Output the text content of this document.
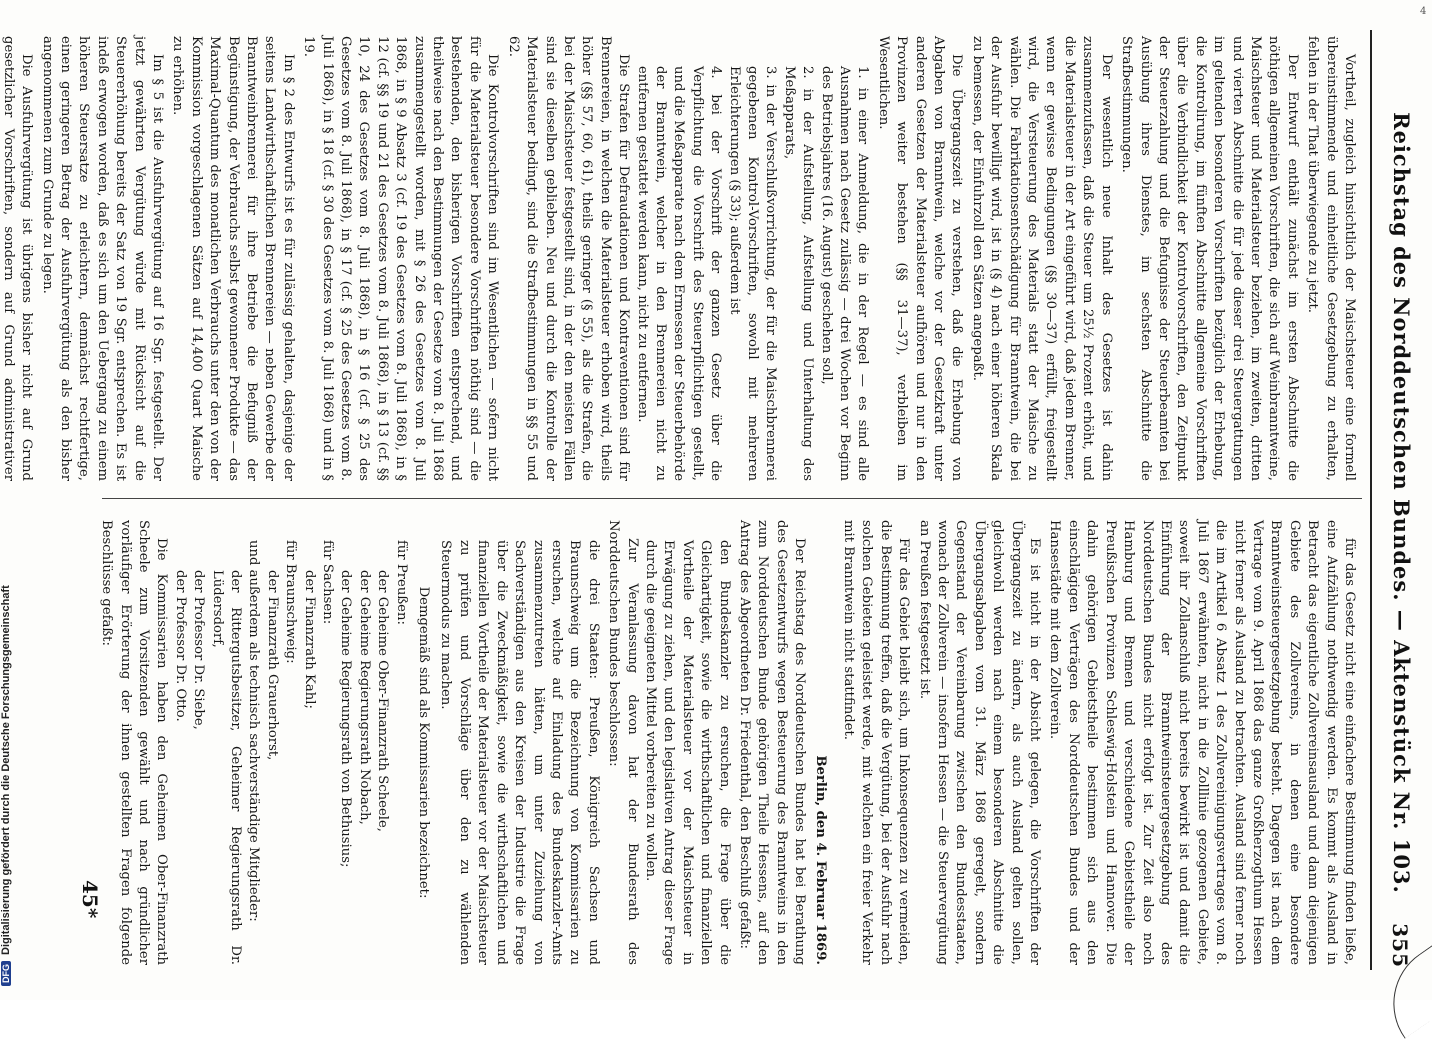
Reichstag des Norddeutschen Bundes. — Aktenstück Nr. 103.
355

Vortheil, zugleich hinsichtlich der Maischsteuer eine formell übereinstimmende und einheitliche Gesetzgebung zu erhalten, fehlen in der That überwiegende zu jetzt.

Der Entwurf enthält zunächst im ersten Abschnitte die nöthigen allgemeinen Vorschriften, die sich auf Weinbranntweine, Maischsteuer und Materialsteuer beziehen, im zweiten, dritten und vierten Abschnitte die für jede dieser drei Steuergattungen im geltenden besonderen Vorschriften bezüglich der Erhebung, die Kontrolirung, im fünften Abschnitte allgemeine Vorschriften über die Verbindlichkeit der Kontrolvorschriften, den Zeitpunkt der Steuerzahlung und die Befugnisse der Steuerbeamten bei Ausübung ihres Dienstes, im sechsten Abschnitte die Strafbestimmungen.

Der wesentlich neue Inhalt des Gesetzes ist dahin zusammenzufassen, daß die Steuer um 25½ Prozent erhöht, und die Materialsteuer in der Art eingeführt wird, daß jedem Brenner, wenn er gewisse Bedingungen (§§ 30—37) erfüllt, freigestellt wird, die Versteuerung des Materials statt der Maische zu wählen. Die Fabrikationsentschädigung für Branntwein, die bei der Ausfuhr bewilligt wird, ist in (§ 4) nach einer höheren Skala zu bemessen, der Einfuhrzoll den Sätzen angepaßt.

Die Übergangszeit zu verstehen, daß die Erhebung von Abgaben von Branntwein, welche vor der Gesetzkraft unter anderen Gesetzen der Materialsteuer aufhören und nur in den Provinzen weiter bestehen (§§ 31—37), verbleiben im Wesentlichen.

1. in einer Anmeldung, die in der Regel — es sind alle Ausnahmen nach Gesetz zulässig — drei Wochen vor Beginn des Betriebsjahres (16. August) geschehen soll,

2. in der Aufstellung, Aufstellung und Unterhaltung des Meßapparats,

3. in der Verschlußvorrichtung, der für die Maischbrennerei gegebenen Kontrol-Vorschriften, sowohl mit mehreren Erleichterungen (§ 33); außerdem ist

4. bei der Vorschrift der ganzen Gesetz über die Verpflichtung die Vorschrift des Steuerpflichtigen gestellt, und die Meßapparate nach dem Ermessen der Steuerbehörde der Branntwein, welcher in den Brennereien nicht zu entfernen gestattet werden kann, nicht zu entfernen.

Die Strafen für Defraudationen und Kontraventionen sind für Brennereien, in welchen die Materialsteuer erhoben wird, theils höher (§§ 57, 60, 61), theils geringer (§ 55), als die Strafen, die bei der Maischsteuer festgestellt sind, in der den meisten Fällen sind sie dieselben geblieben. Neu und durch die Kontrolle der Materialsteuer bedingt, sind die Strafbestimmungen in §§ 55 und 62.

Die Kontrolvorschriften sind im Wesentlichen — sofern nicht für die Materialsteuer besondere Vorschriften nöthig sind — die bestehenden, den bisherigen Vorschriften entsprechend, und theilweise nach den Bestimmungen der Gesetze vom 8. Juli 1868 zusammengestellt worden, mit § 26 des Gesetzes vom 8. Juli 1868, in § 9 Absatz 3 (cf. 19 des Gesetzes vom 8. Juli 1868), in § 12 (cf. §§ 19 und 21 des Gesetzes vom 8. Juli 1868), in § 13 (cf. §§ 10, 24 des Gesetzes vom 8. Juli 1868), in § 16 (cf. § 25 des Gesetzes vom 8. Juli 1868), in § 17 (cf. § 25 des Gesetzes vom 8. Juli 1868), in § 18 (cf. § 30 des Gesetzes vom 8. Juli 1868) und in § 19.

Im § 2 des Entwurfs ist es für zulässig gehalten, dasjenige der seitens Landwirthschaftlichen Brennereien — neben Gewerbe der Branntweinbrennerei für ihre Betriebe die Befugniß der Begünstigung, der Verbrauchs selbst gewonnener Produkte — das Maximal-Quantum des monatlichen Verbrauchs unter den von der Kommission vorgeschlagenen Sätzen auf 14,400 Quart Maische zu erhöhen.

Im § 5 ist die Ausfuhrvergütung auf 16 Sgr. festgestellt. Der jetzt gewährten Vergütung würde mit Rücksicht auf die Steuererhöhung bereits der Satz von 19 Sgr. entsprechen. Es ist indeß erwogen worden, daß es sich um den Uebergang zu einem höheren Steuersatze zu erleichtern, demnächst rechtfertige, einen geringeren Betrag der Ausfuhrvergütung als den bisher angenommenen zum Grunde zu legen.

Die Ausfuhrvergütung ist übrigens bisher nicht auf Grund gesetzlicher Vorschriften, sondern auf Grund administrativer

für das Gesetz nicht eine einfachere Bestimmung finden ließe, eine Aufzählung nothwendig werden. Es kommt als Ausland in Betracht das eigentliche Zollvereinsausland und dann diejenigen Gebiete des Zollvereins, in denen eine besondere Branntweinsteuergesetzgebung besteht. Dagegen ist nach dem Vertrage vom 9. April 1868 das ganze Großherzogthum Hessen nicht ferner als Ausland zu betrachten. Ausland sind ferner noch die im Artikel 6 Absatz 1 des Zollvereinigungsvertrages vom 8. Juli 1867 erwähnten, nicht in die Zolllinie gezogenen Gebiete, soweit ihr Zollanschluß nicht bereits bewirkt ist und damit die Einführung der Branntweinsteuergesetzgebung des Norddeutschen Bundes nicht erfolgt ist. Zur Zeit also noch Hamburg und Bremen und verschiedene Gebietstheile der Preußischen Provinzen Schleswig-Holstein und Hannover. Die dahin gehörigen Gebietstheile bestimmen sich aus den einschlägigen Verträgen des Norddeutschen Bundes und der Hansestädte mit dem Zollverein.

Es ist nicht in der Absicht gelegen, die Vorschriften der Übergangszeit zu ändern, als auch Ausland gelten sollen, gleichwohl werden nach einem besonderen Abschnitte die Übergangsabgaben vom 31. März 1868 geregelt, sondern Gegenstand der Vereinbarung zwischen den Bundesstaaten, wonach der Zollverein — insofern Hessen — die Steuervergütung an Preußen festgesetzt ist.

Für das Gebiet bleibt sich, um Inkonsequenzen zu vermeiden, die Bestimmung treffen, daß die Vergütung, bei der Ausfuhr nach solchen Gebieten geleistet werde, mit welchen ein freier Verkehr mit Branntwein nicht stattfindet.

Berlin, den 4. Februar 1869.

Der Reichstag des Norddeutschen Bundes hat bei Berathung des Gesetzentwurfs wegen Besteuerung des Branntweins in den zum Norddeutschen Bunde gehörigen Theile Hessens, auf den Antrag des Abgeordneten Dr. Friedenthal, den Beschluß gefaßt:

den Bundeskanzler zu ersuchen, die Frage über die Gleichartigkeit, sowie die wirthschaftlichen und finanziellen Vortheile der Materialsteuer vor der Maischsteuer in Erwägung zu ziehen, und den legislativen Antrag dieser Frage durch die geeigneten Mittel vorbereiten zu wollen.

Zur Veranlassung davon hat der Bundesrath des Norddeutschen Bundes beschlossen:

die drei Staaten: Preußen, Königreich Sachsen und Braunschweig um die Bezeichnung von Kommissarien zu ersuchen, welche auf Einladung des Bundeskanzler-Amts zusammenzutreten hätten, um unter Zuziehung von Sachverständigen aus den Kreisen der Industrie die Frage über die Zweckmäßigkeit, sowie die wirthschaftlichen und finanziellen Vortheile der Materialsteuer vor der Maischsteuer zu prüfen und Vorschläge über den zu wählenden Steuermodus zu machen.

Demgemäß sind als Kommissarien bezeichnet:

für Preußen:

der Geheime Ober-Finanzrath Scheele,

der Geheime Regierungsrath Nobach,

der Geheime Regierungsrath von Bethusius;

für Sachsen:

der Finanzrath Kahl;

für Braunschweig:

der Finanzrath Grauerhorst,

und außerdem als technisch sachverständige Mitglieder:

der Rittergutsbesitzer, Geheimer Regierungsrath Dr. Lüdersdorf,

der Professor Dr. Siebe,

der Professor Dr. Otto.

Die Kommissarien haben den Geheimen Ober-Finanzrath Scheele zum Vorsitzenden gewählt und nach gründlicher vorläufiger Erörterung der ihnen gestellten Fragen folgende Beschlüsse gefaßt:

45*
4
DFGDigitalisierung gefördert durch die Deutsche Forschungsgemeinschaft
